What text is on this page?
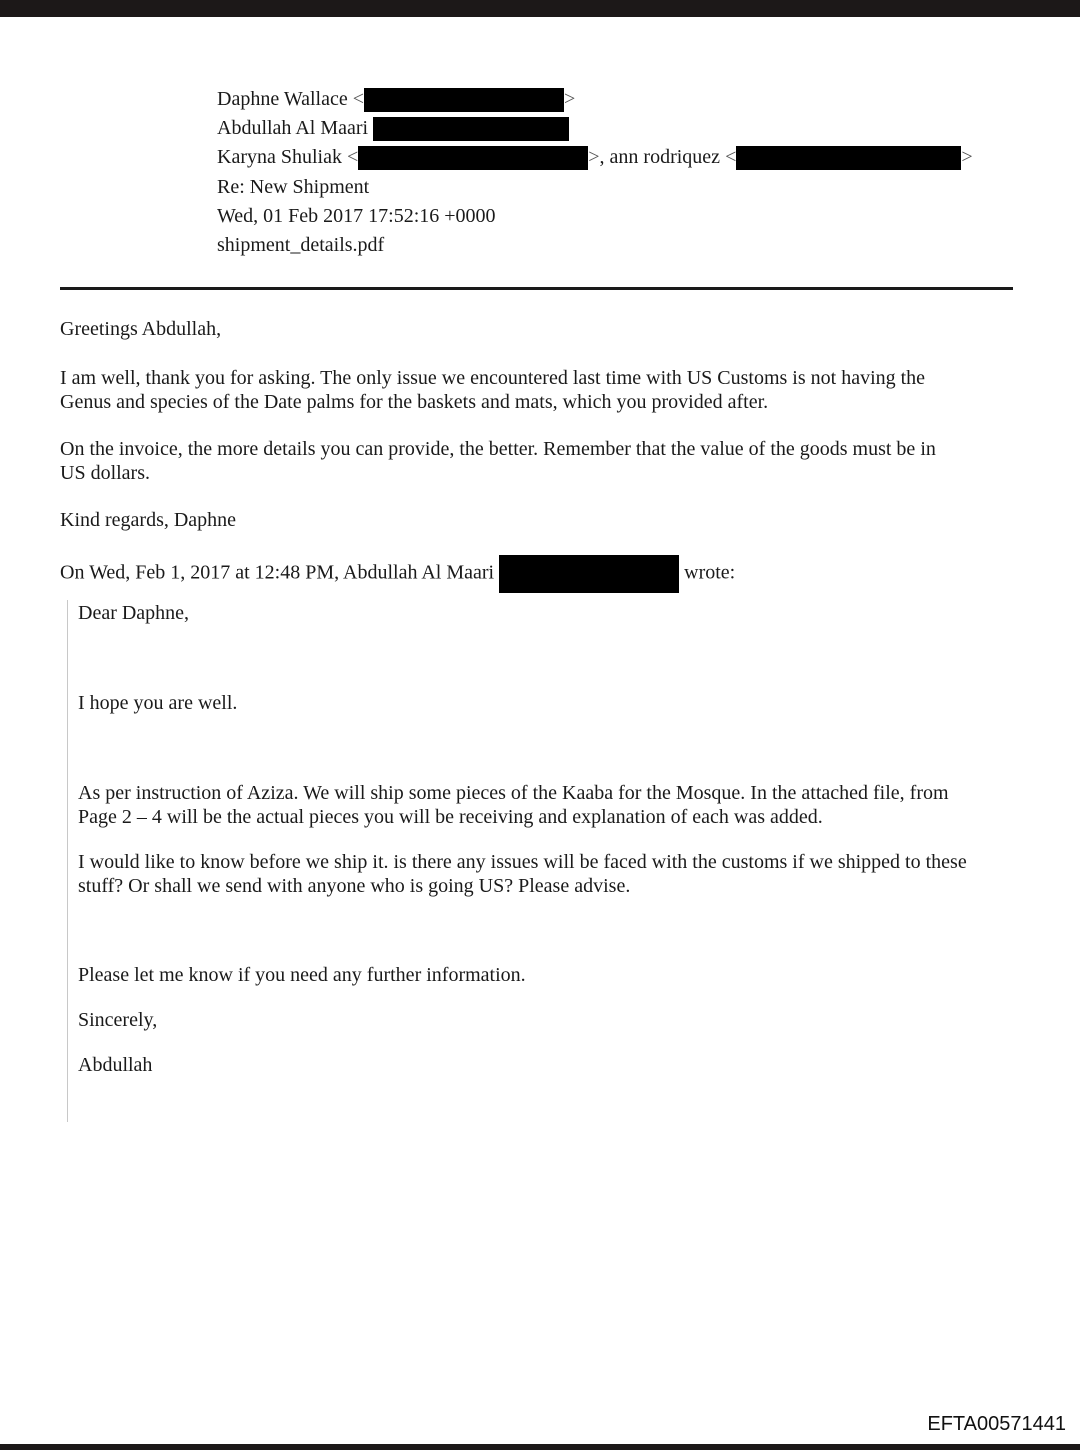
Daphne Wallace <	>
Abdullah Al Maari
Karyna Shuliak <	>, ann rodriquez <	>
Re: New Shipment
Wed, 01 Feb 2017 17:52:16 +0000
shipment_details.pdf
Greetings Abdullah,
I am well, thank you for asking. The only issue we encountered last time with US Customs is not having the
Genus and species of the Date palms for the baskets and mats, which you provided after.
On the invoice, the more details you can provide, the better. Remember that the value of the goods must be in
US dollars.
Kind regards, Daphne
On Wed, Feb 1, 2017 at 12:48 PM, Abdullah Al Maari	wrote:
Dear Daphne,
I hope you are well.
As per instruction of Aziza. We will ship some pieces of the Kaaba for the Mosque. In the attached file, from
Page 2 – 4 will be the actual pieces you will be receiving and explanation of each was added.
I would like to know before we ship it. is there any issues will be faced with the customs if we shipped to these
stuff? Or shall we send with anyone who is going US? Please advise.
Please let me know if you need any further information.
Sincerely,
Abdullah
EFTA00571441
